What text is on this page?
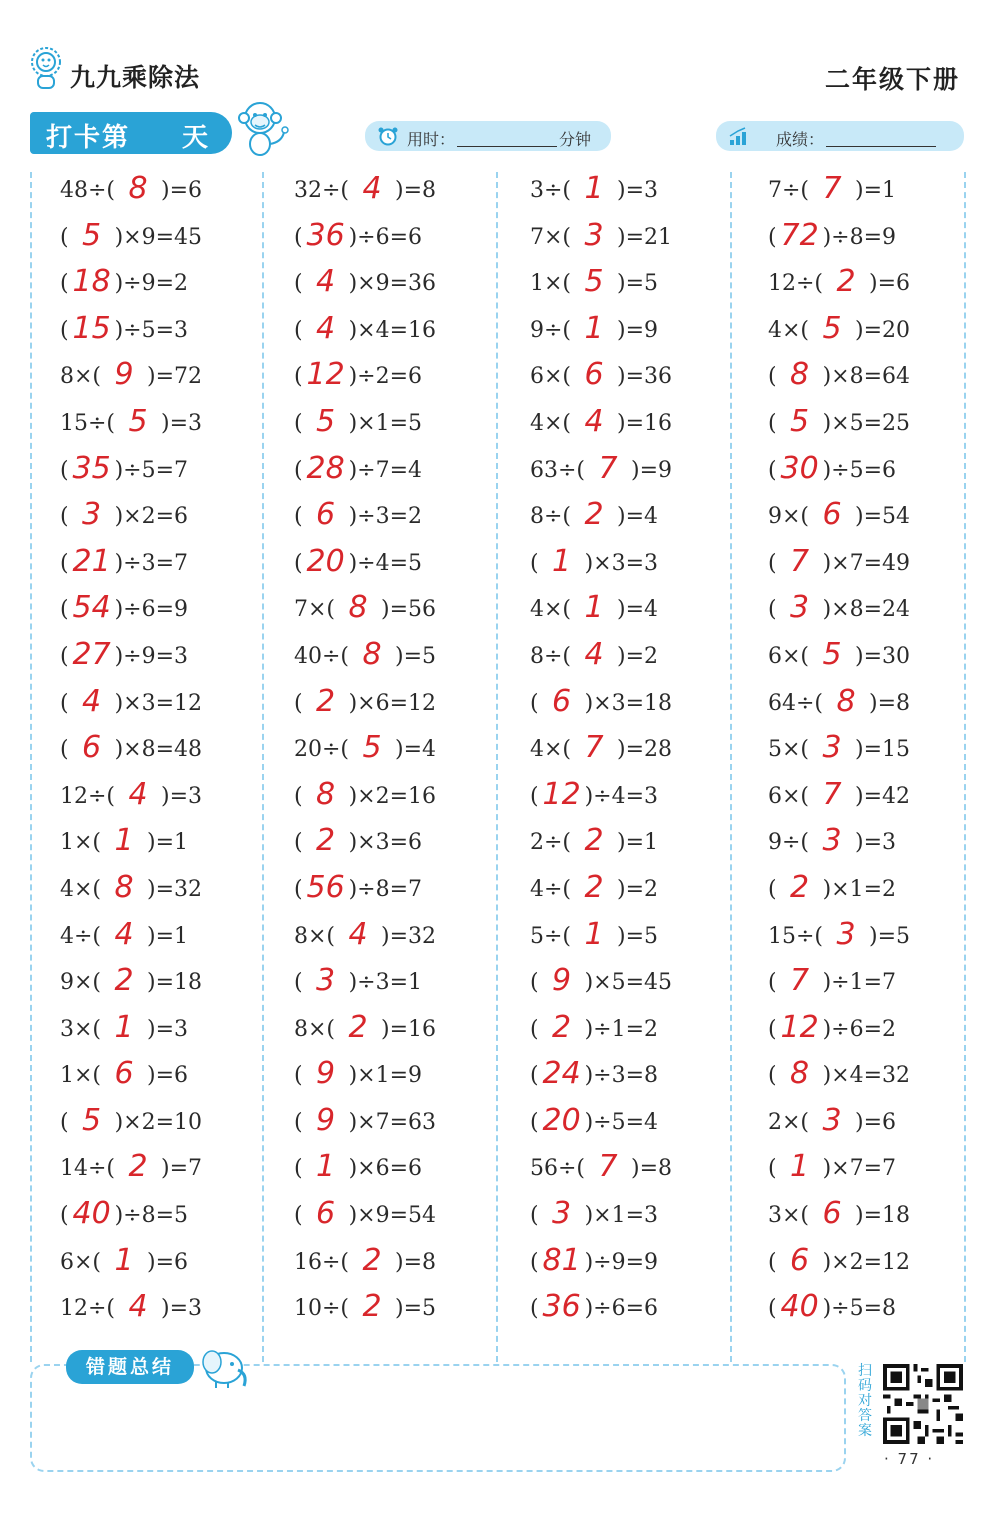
九九乘除法	二年级下册
打卡第 天	用时：	分钟	成绩：
48÷( 8 )=6
( 5 )×9=45
( 18 )÷9=2
( 15 )÷5=3
8×( 9 )=72
15÷( 5 )=3
( 35 )÷5=7
( 3 )×2=6
( 21 )÷3=7
( 54 )÷6=9
( 27 )÷9=3
( 4 )×3=12
( 6 )×8=48
12÷( 4 )=3
1×( 1 )=1
4×( 8 )=32
4÷( 4 )=1
9×( 2 )=18
3×( 1 )=3
1×( 6 )=6
( 5 )×2=10
14÷( 2 )=7
( 40 )÷8=5
6×( 1 )=6
12÷( 4 )=3
32÷( 4 )=8
( 36 )÷6=6
( 4 )×9=36
( 4 )×4=16
( 12 )÷2=6
( 5 )×1=5
( 28 )÷7=4
( 6 )÷3=2
( 20 )÷4=5
7×( 8 )=56
40÷( 8 )=5
( 2 )×6=12
20÷( 5 )=4
( 8 )×2=16
( 2 )×3=6
( 56 )÷8=7
8×( 4 )=32
( 3 )÷3=1
8×( 2 )=16
( 9 )×1=9
( 9 )×7=63
( 1 )×6=6
( 6 )×9=54
16÷( 2 )=8
10÷( 2 )=5
3÷( 1 )=3
7×( 3 )=21
1×( 5 )=5
9÷( 1 )=9
6×( 6 )=36
4×( 4 )=16
63÷( 7 )=9
8÷( 2 )=4
( 1 )×3=3
4×( 1 )=4
8÷( 4 )=2
( 6 )×3=18
4×( 7 )=28
( 12 )÷4=3
2÷( 2 )=1
4÷( 2 )=2
5÷( 1 )=5
( 9 )×5=45
( 2 )÷1=2
( 24 )÷3=8
( 20 )÷5=4
56÷( 7 )=8
( 3 )×1=3
( 81 )÷9=9
( 36 )÷6=6
7÷( 7 )=1
( 72 )÷8=9
12÷( 2 )=6
4×( 5 )=20
( 8 )×8=64
( 5 )×5=25
( 30 )÷5=6
9×( 6 )=54
( 7 )×7=49
( 3 )×8=24
6×( 5 )=30
64÷( 8 )=8
5×( 3 )=15
6×( 7 )=42
9÷( 3 )=3
( 2 )×1=2
15÷( 3 )=5
( 7 )÷1=7
( 12 )÷6=2
( 8 )×4=32
2×( 3 )=6
( 1 )×7=7
3×( 6 )=18
( 6 )×2=12
( 40 )÷5=8
错题总结	扫码对答案
· 77 ·
